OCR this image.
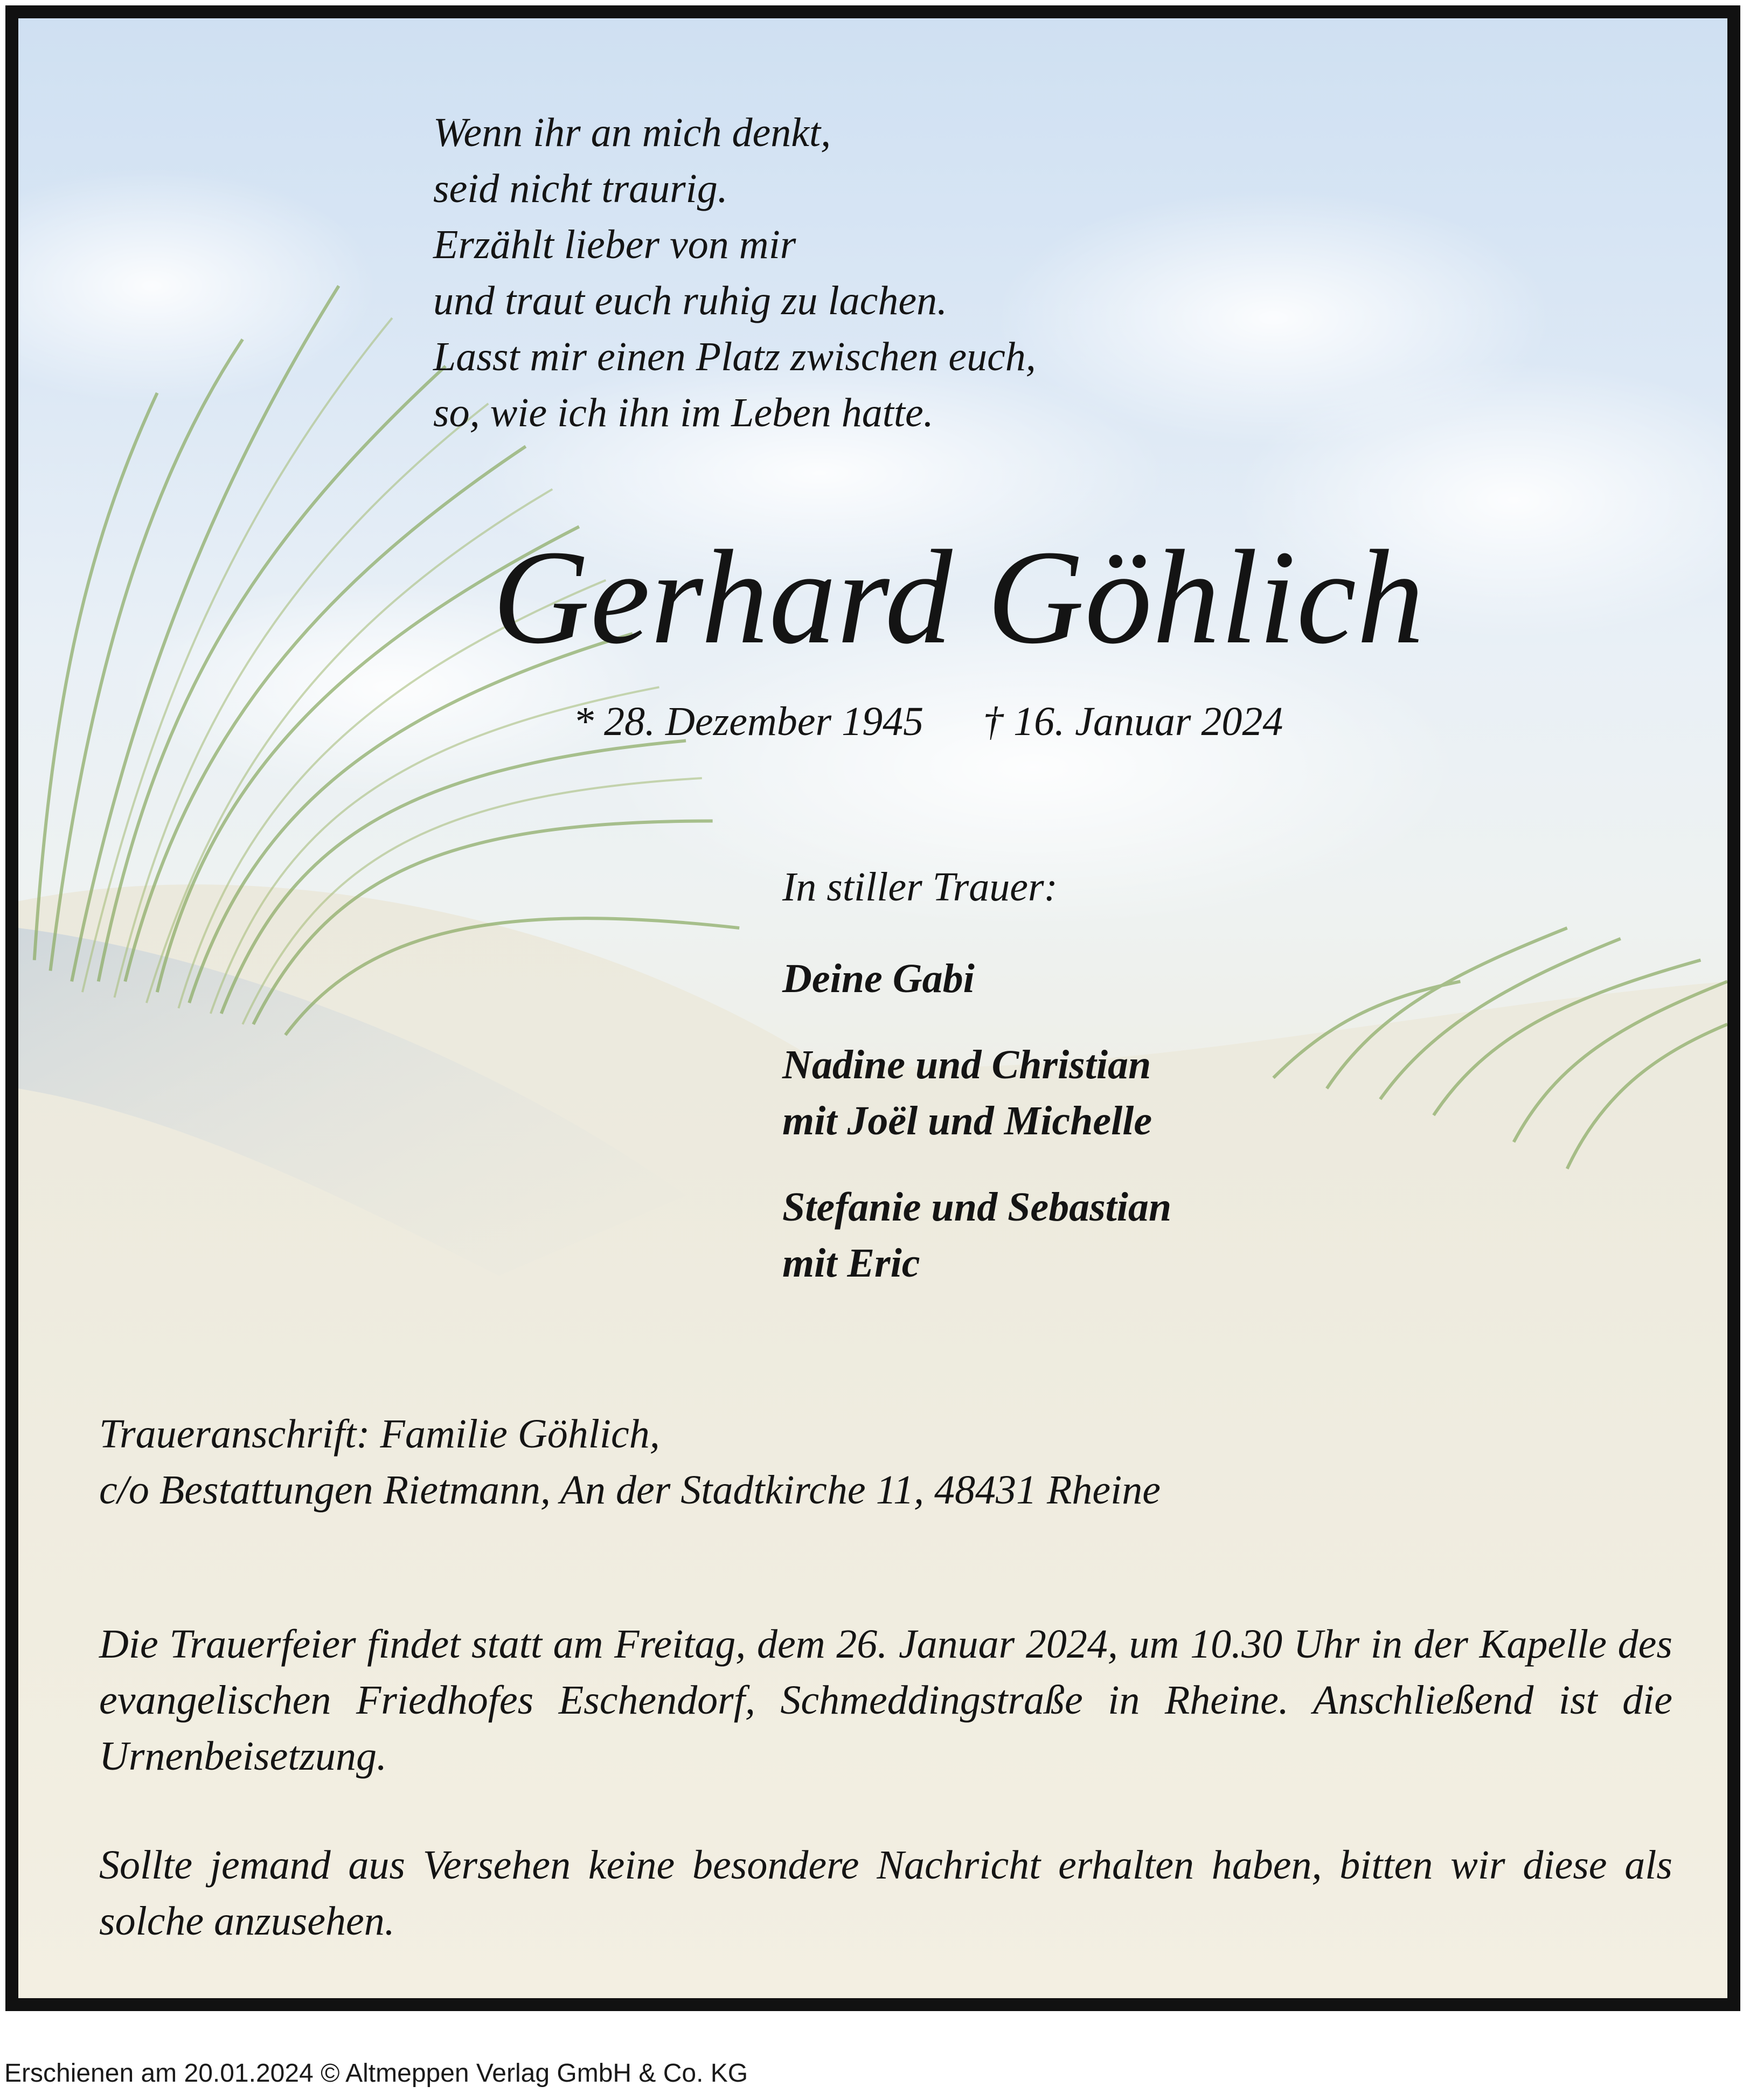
Wenn ihr an mich denkt,
seid nicht traurig.
Erzählt lieber von mir
und traut euch ruhig zu lachen.
Lasst mir einen Platz zwischen euch,
so, wie ich ihn im Leben hatte.
Gerhard Göhlich
* 28. Dezember 1945 † 16. Januar 2024
In stiller Trauer:
Deine Gabi
Nadine und Christian
mit Joël und Michelle
Stefanie und Sebastian
mit Eric
Traueranschrift: Familie Göhlich,
c/o Bestattungen Rietmann, An der Stadtkirche 11, 48431 Rheine
Die Trauerfeier findet statt am Freitag, dem 26. Januar 2024, um 10.30 Uhr in der Kapelle des evangelischen Friedhofes Eschendorf, Schmeddingstraße in Rheine. Anschließend ist die Urnenbeisetzung.
Sollte jemand aus Versehen keine besondere Nachricht erhalten haben, bitten wir diese als solche anzusehen.
Erschienen am 20.01.2024 © Altmeppen Verlag GmbH & Co. KG
